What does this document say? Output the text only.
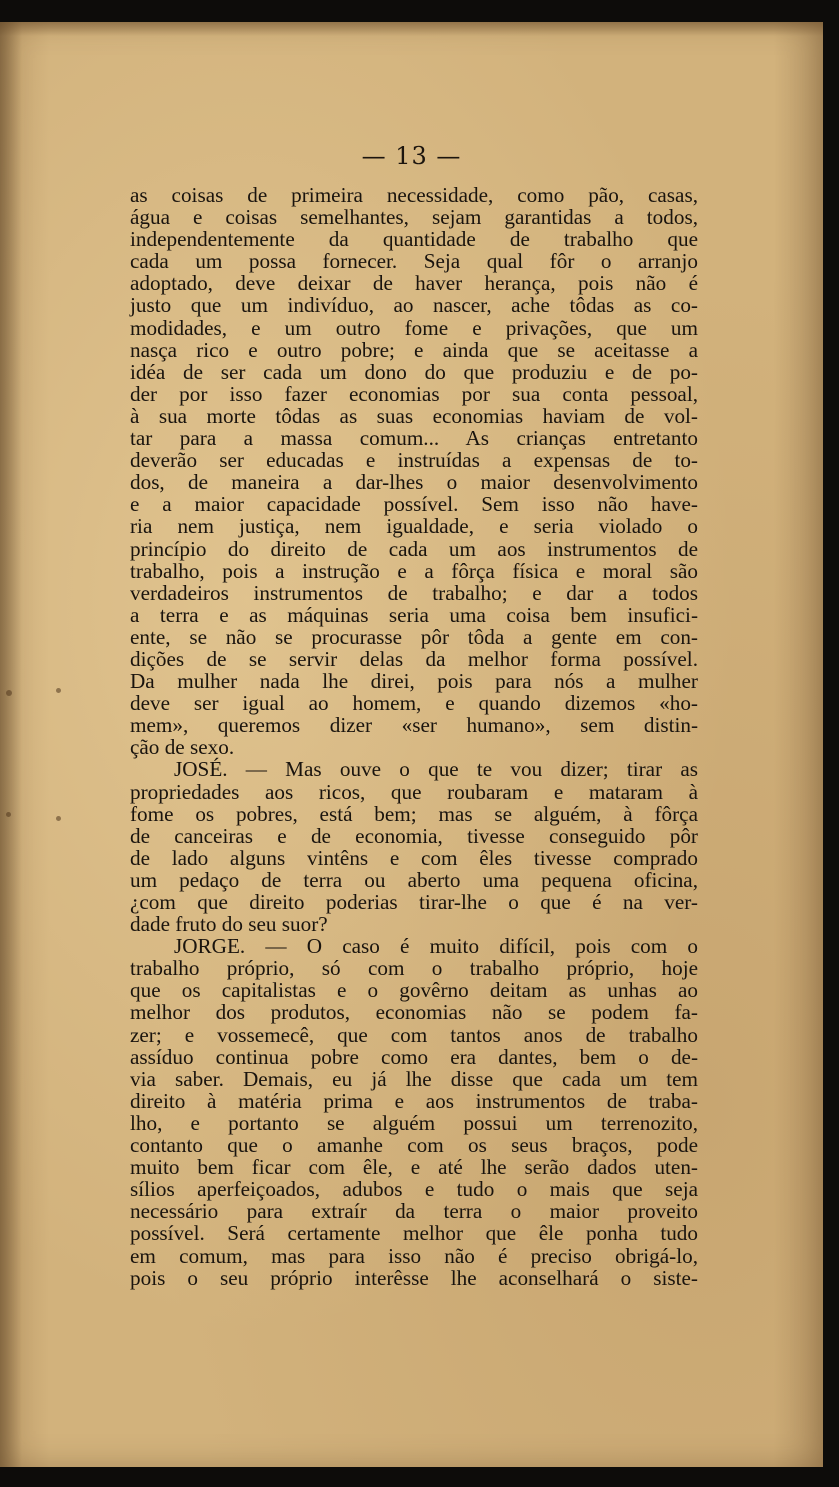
— 13 —
as coisas de primeira necessidade, como pão, casas,
água e coisas semelhantes, sejam garantidas a todos,
independentemente da quantidade de trabalho que
cada um possa fornecer. Seja qual fôr o arranjo
adoptado, deve deixar de haver herança, pois não é
justo que um indivíduo, ao nascer, ache tôdas as co-
modidades, e um outro fome e privações, que um
nasça rico e outro pobre; e ainda que se aceitasse a
idéa de ser cada um dono do que produziu e de po-
der por isso fazer economias por sua conta pessoal,
à sua morte tôdas as suas economias haviam de vol-
tar para a massa comum... As crianças entretanto
deverão ser educadas e instruídas a expensas de to-
dos, de maneira a dar-lhes o maior desenvolvimento
e a maior capacidade possível. Sem isso não have-
ria nem justiça, nem igualdade, e seria violado o
princípio do direito de cada um aos instrumentos de
trabalho, pois a instrução e a fôrça física e moral são
verdadeiros instrumentos de trabalho; e dar a todos
a terra e as máquinas seria uma coisa bem insufici-
ente, se não se procurasse pôr tôda a gente em con-
dições de se servir delas da melhor forma possível.
Da mulher nada lhe direi, pois para nós a mulher
deve ser igual ao homem, e quando dizemos «ho-
mem», queremos dizer «ser humano», sem distin-
ção de sexo.
JOSÉ. — Mas ouve o que te vou dizer; tirar as
propriedades aos ricos, que roubaram e mataram à
fome os pobres, está bem; mas se alguém, à fôrça
de canceiras e de economia, tivesse conseguido pôr
de lado alguns vintêns e com êles tivesse comprado
um pedaço de terra ou aberto uma pequena oficina,
¿com que direito poderias tirar-lhe o que é na ver-
dade fruto do seu suor?
JORGE. — O caso é muito difícil, pois com o
trabalho próprio, só com o trabalho próprio, hoje
que os capitalistas e o govêrno deitam as unhas ao
melhor dos produtos, economias não se podem fa-
zer; e vossemecê, que com tantos anos de trabalho
assíduo continua pobre como era dantes, bem o de-
via saber. Demais, eu já lhe disse que cada um tem
direito à matéria prima e aos instrumentos de traba-
lho, e portanto se alguém possui um terrenozito,
contanto que o amanhe com os seus braços, pode
muito bem ficar com êle, e até lhe serão dados uten-
sílios aperfeiçoados, adubos e tudo o mais que seja
necessário para extraír da terra o maior proveito
possível. Será certamente melhor que êle ponha tudo
em comum, mas para isso não é preciso obrigá-lo,
pois o seu próprio interêsse lhe aconselhará o siste-
